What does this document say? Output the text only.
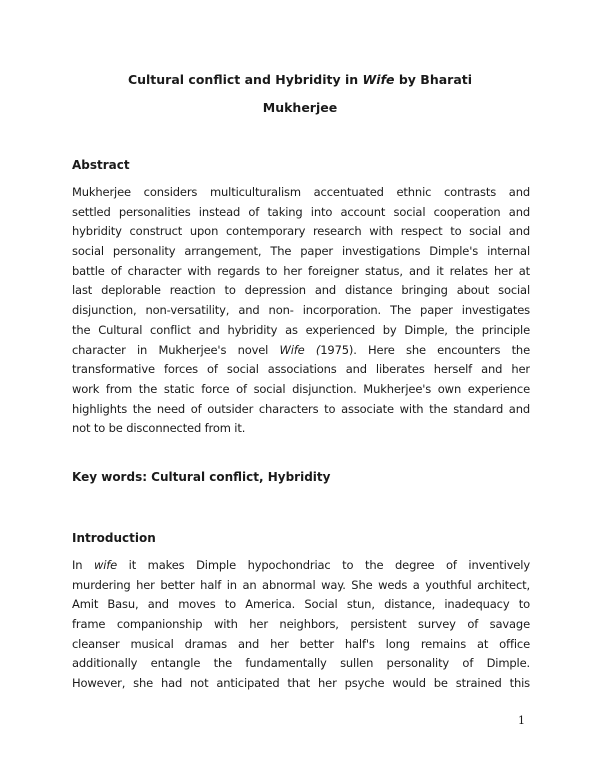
Cultural conflict and Hybridity in Wife by Bharati
Mukherjee
Abstract
Mukherjee considers multiculturalism accentuated ethnic contrasts and
settled personalities instead of taking into account social cooperation and
hybridity construct upon contemporary research with respect to social and
social personality arrangement, The paper investigations Dimple's internal
battle of character with regards to her foreigner status, and it relates her at
last deplorable reaction to depression and distance bringing about social
disjunction, non-versatility, and non- incorporation. The paper investigates
the Cultural conflict and hybridity as experienced by Dimple, the principle
character in Mukherjee's novel Wife (1975). Here she encounters the
transformative forces of social associations and liberates herself and her
work from the static force of social disjunction. Mukherjee's own experience
highlights the need of outsider characters to associate with the standard and
not to be disconnected from it.
Key words: Cultural conflict, Hybridity
Introduction
In wife it makes Dimple hypochondriac to the degree of inventively
murdering her better half in an abnormal way. She weds a youthful architect,
Amit Basu, and moves to America. Social stun, distance, inadequacy to
frame companionship with her neighbors, persistent survey of savage
cleanser musical dramas and her better half's long remains at office
additionally entangle the fundamentally sullen personality of Dimple.
However, she had not anticipated that her psyche would be strained this
1
